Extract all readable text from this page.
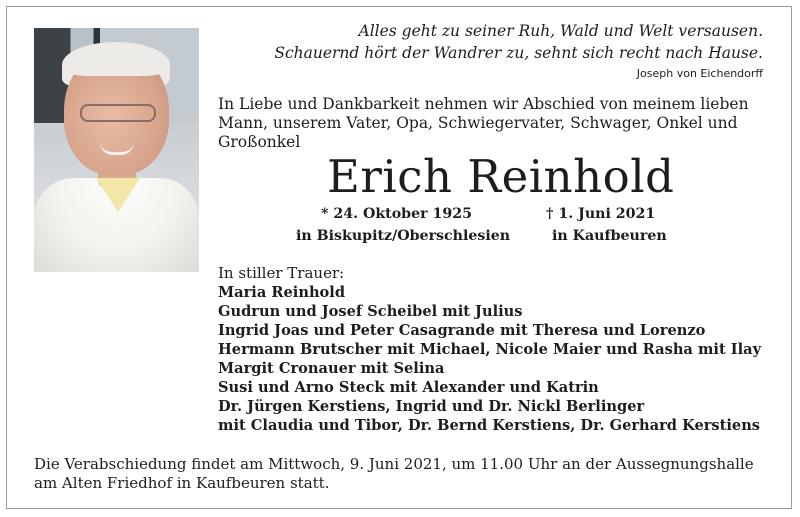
Alles geht zu seiner Ruh, Wald und Welt versausen.
Schauernd hört der Wandrer zu, sehnt sich recht nach Hause.
Joseph von Eichendorff
In Liebe und Dankbarkeit nehmen wir Abschied von meinem lieben
Mann, unserem Vater, Opa, Schwiegervater, Schwager, Onkel und
Großonkel
Erich Reinhold
* 24. Oktober 1925
in Biskupitz/Oberschlesien
† 1. Juni 2021
in Kaufbeuren
In stiller Trauer:
Maria Reinhold
Gudrun und Josef Scheibel mit Julius
Ingrid Joas und Peter Casagrande mit Theresa und Lorenzo
Hermann Brutscher mit Michael, Nicole Maier und Rasha mit Ilay
Margit Cronauer mit Selina
Susi und Arno Steck mit Alexander und Katrin
Dr. Jürgen Kerstiens, Ingrid und Dr. Nickl Berlinger
mit Claudia und Tibor, Dr. Bernd Kerstiens, Dr. Gerhard Kerstiens
Die Verabschiedung findet am Mittwoch, 9. Juni 2021, um 11.00 Uhr an der Aussegnungshalle
am Alten Friedhof in Kaufbeuren statt.
